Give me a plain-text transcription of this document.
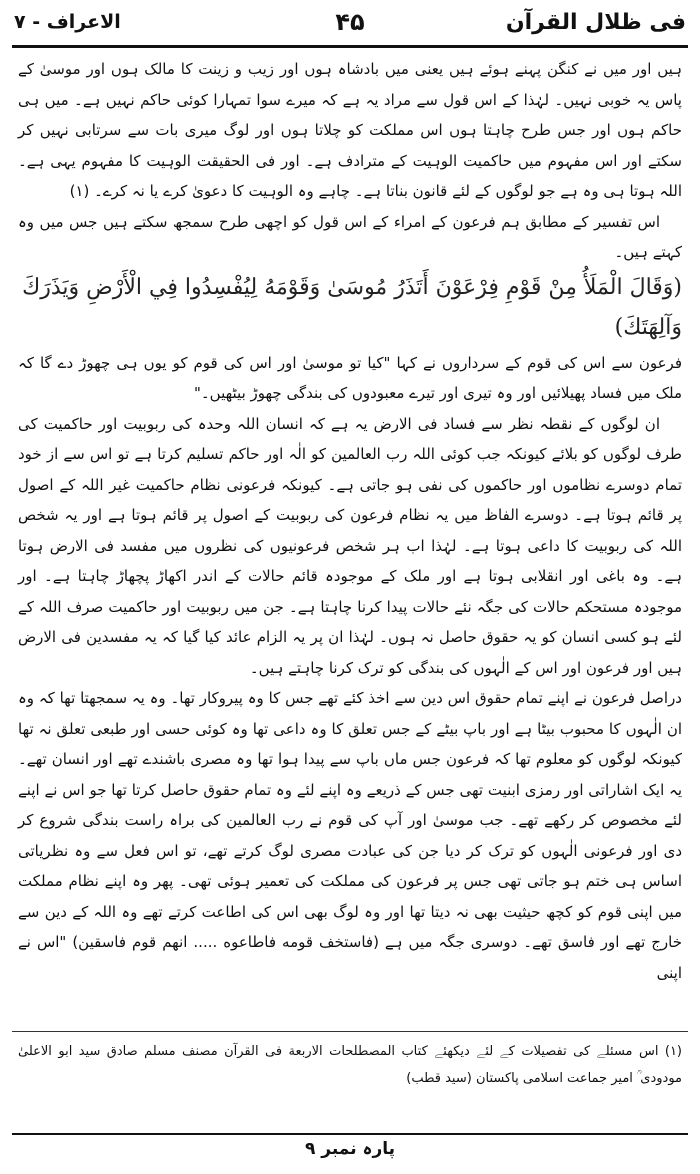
فی ظلال القرآن
۴۵
الاعراف - ۷

ہیں اور میں نے کنگن پہنے ہوئے ہیں یعنی میں بادشاہ ہوں اور زیب و زینت کا مالک ہوں اور موسیٰ کے پاس یہ خوبی نہیں۔ لہٰذا کے اس قول سے مراد یہ ہے کہ میرے سوا تمہارا کوئی حاکم نہیں ہے۔ میں ہی حاکم ہوں اور جس طرح چاہتا ہوں اس مملکت کو چلاتا ہوں اور لوگ میری بات سے سرتابی نہیں کر سکتے اور اس مفہوم میں حاکمیت الوہیت کے مترادف ہے۔ اور فی الحقیقت الوہیت کا مفہوم یہی ہے۔ اللہ ہوتا ہی وہ ہے جو لوگوں کے لئے قانون بناتا ہے۔ چاہے وہ الوہیت کا دعویٰ کرے یا نہ کرے۔ (۱)

اس تفسیر کے مطابق ہم فرعون کے امراء کے اس قول کو اچھی طرح سمجھ سکتے ہیں جس میں وہ کہتے ہیں۔

(وَقَالَ الْمَلَأُ مِنْ قَوْمِ فِرْعَوْنَ أَتَذَرُ مُوسَىٰ وَقَوْمَهُ لِيُفْسِدُوا فِي الْأَرْضِ وَيَذَرَكَ وَآلِهَتَكَ)

فرعون سے اس کی قوم کے سرداروں نے کہا "کیا تو موسیٰ اور اس کی قوم کو یوں ہی چھوڑ دے گا کہ ملک میں فساد پھیلائیں اور وہ تیری اور تیرے معبودوں کی بندگی چھوڑ بیٹھیں۔"

ان لوگوں کے نقطہ نظر سے فساد فی الارض یہ ہے کہ انسان اللہ وحدہ کی ربوبیت اور حاکمیت کی طرف لوگوں کو بلائے کیونکہ جب کوئی اللہ رب العالمین کو الٰہ اور حاکم تسلیم کرتا ہے تو اس سے از خود تمام دوسرے نظاموں اور حاکموں کی نفی ہو جاتی ہے۔ کیونکہ فرعونی نظام حاکمیت غیر اللہ کے اصول پر قائم ہوتا ہے۔ دوسرے الفاظ میں یہ نظام فرعون کی ربوبیت کے اصول پر قائم ہوتا ہے اور یہ شخص اللہ کی ربوبیت کا داعی ہوتا ہے۔ لہٰذا اب ہر شخص فرعونیوں کی نظروں میں مفسد فی الارض ہوتا ہے۔ وہ باغی اور انقلابی ہوتا ہے اور ملک کے موجودہ قائم حالات کے اندر اکھاڑ پچھاڑ چاہتا ہے۔ اور موجودہ مستحکم حالات کی جگہ نئے حالات پیدا کرنا چاہتا ہے۔ جن میں ربوبیت اور حاکمیت صرف اللہ کے لئے ہو کسی انسان کو یہ حقوق حاصل نہ ہوں۔ لہٰذا ان پر یہ الزام عائد کیا گیا کہ یہ مفسدین فی الارض ہیں اور فرعون اور اس کے الٰہوں کی بندگی کو ترک کرنا چاہتے ہیں۔

دراصل فرعون نے اپنے تمام حقوق اس دین سے اخذ کئے تھے جس کا وہ پیروکار تھا۔ وہ یہ سمجھتا تھا کہ وہ ان الٰہوں کا محبوب بیٹا ہے اور باپ بیٹے کے جس تعلق کا وہ داعی تھا وہ کوئی حسی اور طبعی تعلق نہ تھا کیونکہ لوگوں کو معلوم تھا کہ فرعون جس ماں باپ سے پیدا ہوا تھا وہ مصری باشندے تھے اور انسان تھے۔ یہ ایک اشاراتی اور رمزی ابنیت تھی جس کے ذریعے وہ اپنے لئے وہ تمام حقوق حاصل کرتا تھا جو اس نے اپنے لئے مخصوص کر رکھے تھے۔ جب موسیٰ اور آپ کی قوم نے رب العالمین کی براہ راست بندگی شروع کر دی اور فرعونی الٰہوں کو ترک کر دیا جن کی عبادت مصری لوگ کرتے تھے، تو اس فعل سے وہ نظریاتی اساس ہی ختم ہو جاتی تھی جس پر فرعون کی مملکت کی تعمیر ہوئی تھی۔ پھر وہ اپنے نظام مملکت میں اپنی قوم کو کچھ حیثیت بھی نہ دیتا تھا اور وہ لوگ بھی اس کی اطاعت کرتے تھے وہ اللہ کے دین سے خارج تھے اور فاسق تھے۔ دوسری جگہ میں ہے (فاستخف قومه فاطاعوه ..... انهم قوم فاسقين) "اس نے اپنی

(۱) اس مسئلے کی تفصیلات کے لئے دیکھئے کتاب المصطلحات الاربعة فی القرآن مصنف مسلم صادق سید ابو الاعلیٰ مودودی ؒ امیر جماعت اسلامی پاکستان (سید قطب)
پارہ نمبر ۹
